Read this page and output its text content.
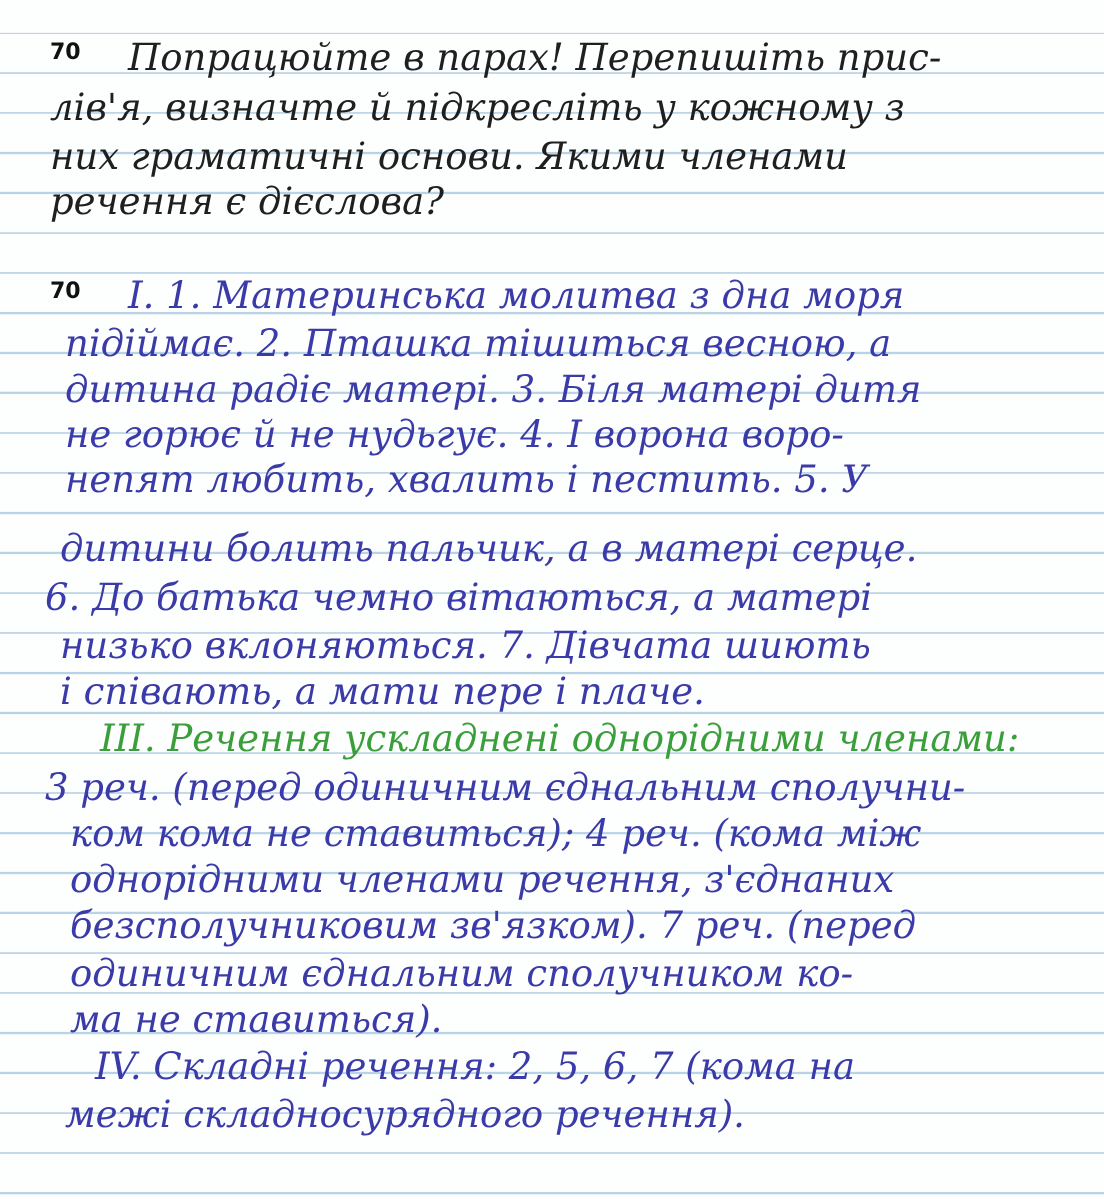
70 Попрацюйте в парах! Перепишіть прис-
лів'я, визначте й підкресліть у кожному з
них граматичні основи. Якими членами
речення є дієслова?
70 І. 1. Материнська молитва з дна моря
підіймає. 2. Пташка тішиться весною, а
дитина радіє матері. 3. Біля матері дитя
не горює й не нудьгує. 4. І ворона воро-
нenят любить, хвалить і пестить. 5. У
дитини болить пальчик, а в матері серце.
6. До батька чемно вітаються, а матері
низько вклоняються. 7. Дівчата шиють
і співають, а мати пере і плаче.
ІІІ. Речення ускладнені однорідними членами:
3 реч. (перед одиничним єднальним сполучни-
ком кома не ставиться); 4 реч. (кома між
однорідними членами речення, з'єднаних
безсполучниковим зв'язком). 7 реч. (перед
одиничним єднальним сполучником ко-
ма не ставиться).
IV. Складні речення: 2, 5, 6, 7 (кома на
межі складносурядного речення).
